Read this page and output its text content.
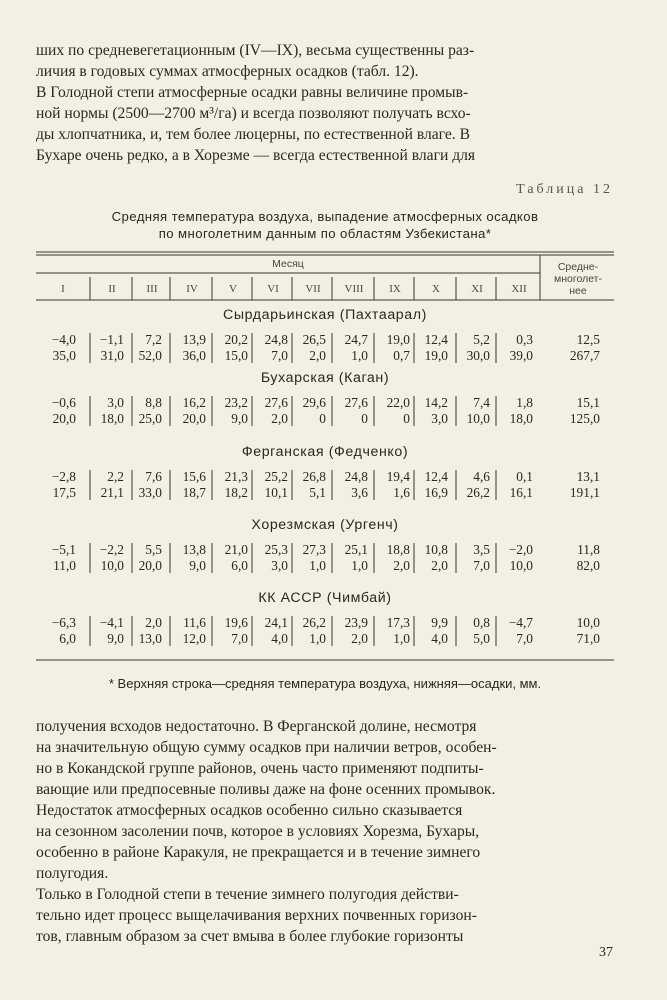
ших по средневегетационным (IV—IX), весьма существенны раз-
личия в годовых суммах атмосферных осадков (табл. 12).
В Голодной степи атмосферные осадки равны величине промыв-
ной нормы (2500—2700 м³/га) и всегда позволяют получать всхо-
ды хлопчатника, и, тем более люцерны, по естественной влаге. В
Бухаре очень редко, а в Хорезме — всегда естественной влаги для
Таблица 12
Средняя температура воздуха, выпадение атмосферных осадков
по многолетним данным по областям Узбекистана*
Месяц	Средне-
многолет-
нее
I	II	III	IV	V	VI	VII	VIII	IX	X	XI	XII
Сырдарьинская (Пахтаарал)
−4,0	−1,1	7,2	13,9	20,2	24,8	26,5	24,7	19,0	12,4	5,2	0,3	12,5
35,0	31,0	52,0	36,0	15,0	7,0	2,0	1,0	0,7	19,0	30,0	39,0	267,7
Бухарская (Каган)
−0,6	3,0	8,8	16,2	23,2	27,6	29,6	27,6	22,0	14,2	7,4	1,8	15,1
20,0	18,0	25,0	20,0	9,0	2,0	0	0	0	3,0	10,0	18,0	125,0
Ферганская (Федченко)
−2,8	2,2	7,6	15,6	21,3	25,2	26,8	24,8	19,4	12,4	4,6	0,1	13,1
17,5	21,1	33,0	18,7	18,2	10,1	5,1	3,6	1,6	16,9	26,2	16,1	191,1
Хорезмская (Ургенч)
−5,1	−2,2	5,5	13,8	21,0	25,3	27,3	25,1	18,8	10,8	3,5	−2,0	11,8
11,0	10,0	20,0	9,0	6,0	3,0	1,0	1,0	2,0	2,0	7,0	10,0	82,0
КК АССР (Чимбай)
−6,3	−4,1	2,0	11,6	19,6	24,1	26,2	23,9	17,3	9,9	0,8	−4,7	10,0
6,0	9,0	13,0	12,0	7,0	4,0	1,0	2,0	1,0	4,0	5,0	7,0	71,0
* Верхняя строка—средняя температура воздуха, нижняя—осадки, мм.
получения всходов недостаточно. В Ферганской долине, несмотря
на значительную общую сумму осадков при наличии ветров, особен-
но в Кокандской группе районов, очень часто применяют подпиты-
вающие или предпосевные поливы даже на фоне осенних промывок.
Недостаток атмосферных осадков особенно сильно сказывается
на сезонном засолении почв, которое в условиях Хорезма, Бухары,
особенно в районе Каракуля, не прекращается и в течение зимнего
полугодия.
Только в Голодной степи в течение зимнего полугодия действи-
тельно идет процесс выщелачивания верхних почвенных горизон-
тов, главным образом за счет вмыва в более глубокие горизонты
37
